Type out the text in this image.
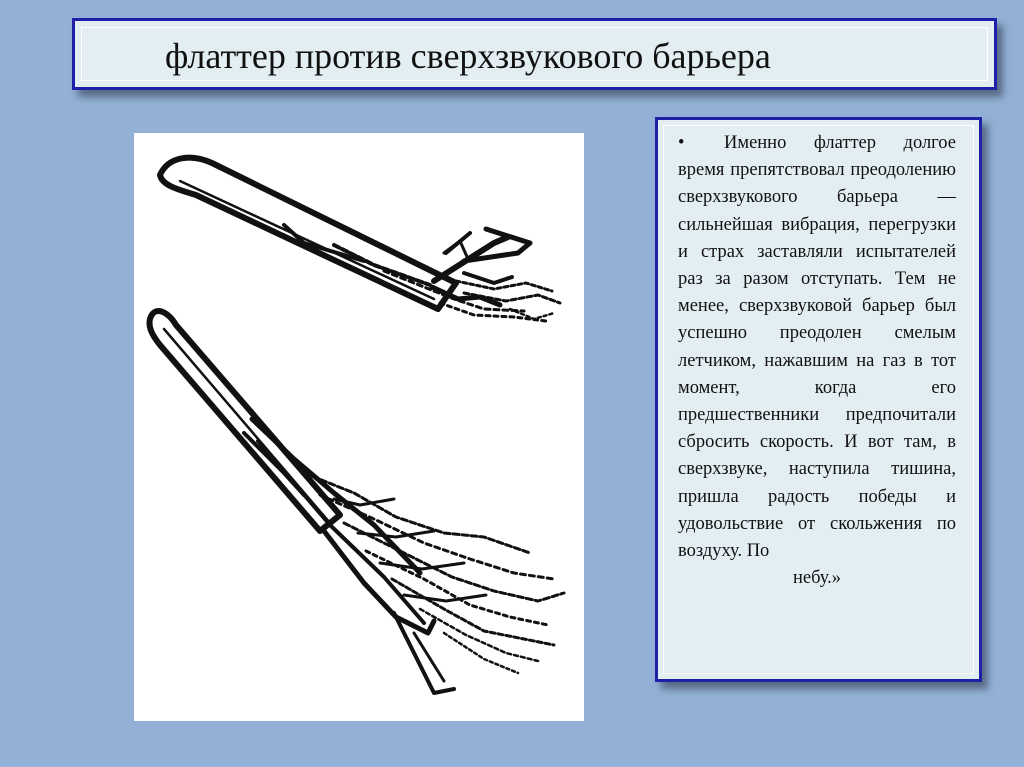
флаттер против сверхзвукового барьера
• Именно флаттер долгое время препятствовал преодолению сверхзвукового барьера — сильнейшая вибрация, перегрузки и страх заставляли испытателей раз за разом отступать. Тем не менее, сверхзвуковой барьер был успешно преодолен смелым летчиком, нажавшим на газ в тот момент, когда его предшественники предпочитали сбросить скорость. И вот там, в сверхзвуке, наступила тишина, пришла радость победы и удовольствие от скольжения по воздуху. По
небу.»
